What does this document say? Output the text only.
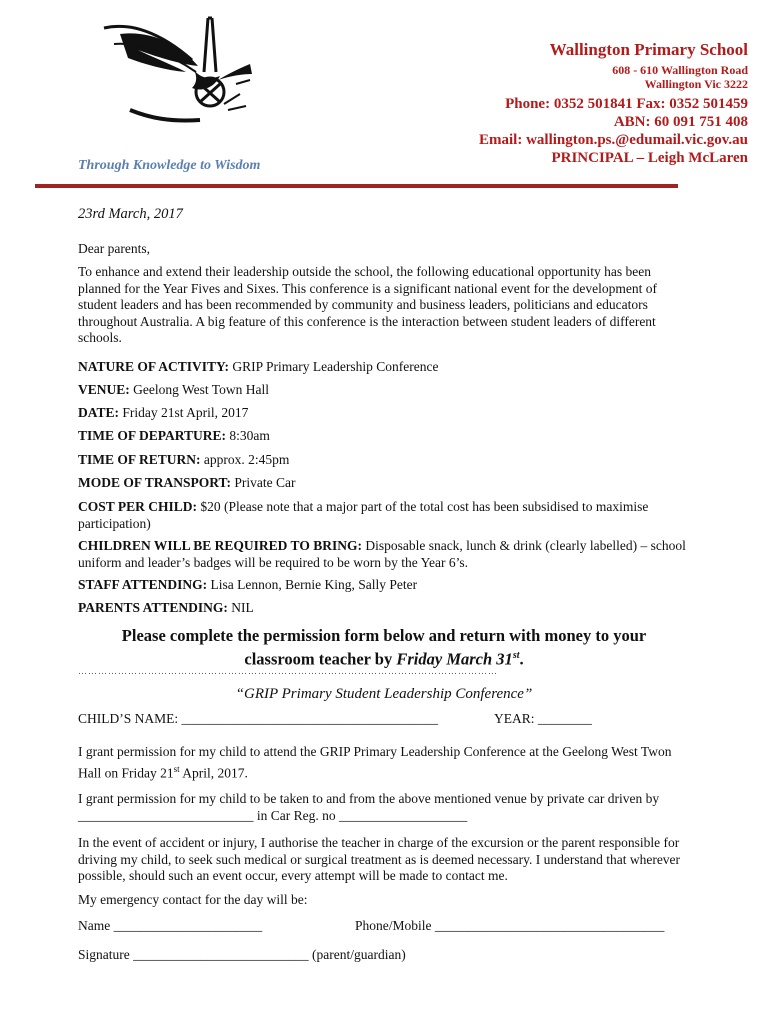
Wallington Primary School
608 - 610 Wallington Road
Wallington Vic 3222
Phone: 0352 501841 Fax: 0352 501459
ABN: 60 091 751 408
Email: wallington.ps.@edumail.vic.gov.au
PRINCIPAL – Leigh McLaren
Through Knowledge to Wisdom
23rd March, 2017
Dear parents,
To enhance and extend their leadership outside the school, the following educational opportunity has been planned for the Year Fives and Sixes. This conference is a significant national event for the development of student leaders and has been recommended by community and business leaders, politicians and educators throughout Australia. A big feature of this conference is the interaction between student leaders of different schools.
NATURE OF ACTIVITY: GRIP Primary Leadership Conference
VENUE: Geelong West Town Hall
DATE: Friday 21st April, 2017
TIME OF DEPARTURE: 8:30am
TIME OF RETURN: approx. 2:45pm
MODE OF TRANSPORT: Private Car
COST PER CHILD: $20 (Please note that a major part of the total cost has been subsidised to maximise participation)
CHILDREN WILL BE REQUIRED TO BRING: Disposable snack, lunch & drink (clearly labelled) – school uniform and leader’s badges will be required to be worn by the Year 6’s.
STAFF ATTENDING: Lisa Lennon, Bernie King, Sally Peter
PARENTS ATTENDING: NIL
Please complete the permission form below and return with money to your
classroom teacher by Friday March 31st.
………………………………………………………………………………………………………………
“GRIP Primary Student Leadership Conference”
CHILD’S NAME: ______________________________________	YEAR: ________
I grant permission for my child to attend the GRIP Primary Leadership Conference at the Geelong West Twon Hall on Friday 21st April, 2017.
I grant permission for my child to be taken to and from the above mentioned venue by private car driven by __________________________ in Car Reg. no ___________________
In the event of accident or injury, I authorise the teacher in charge of the excursion or the parent responsible for driving my child, to seek such medical or surgical treatment as is deemed necessary. I understand that wherever possible, should such an event occur, every attempt will be made to contact me.
My emergency contact for the day will be:
Name ______________________	Phone/Mobile __________________________________
Signature __________________________ (parent/guardian)
